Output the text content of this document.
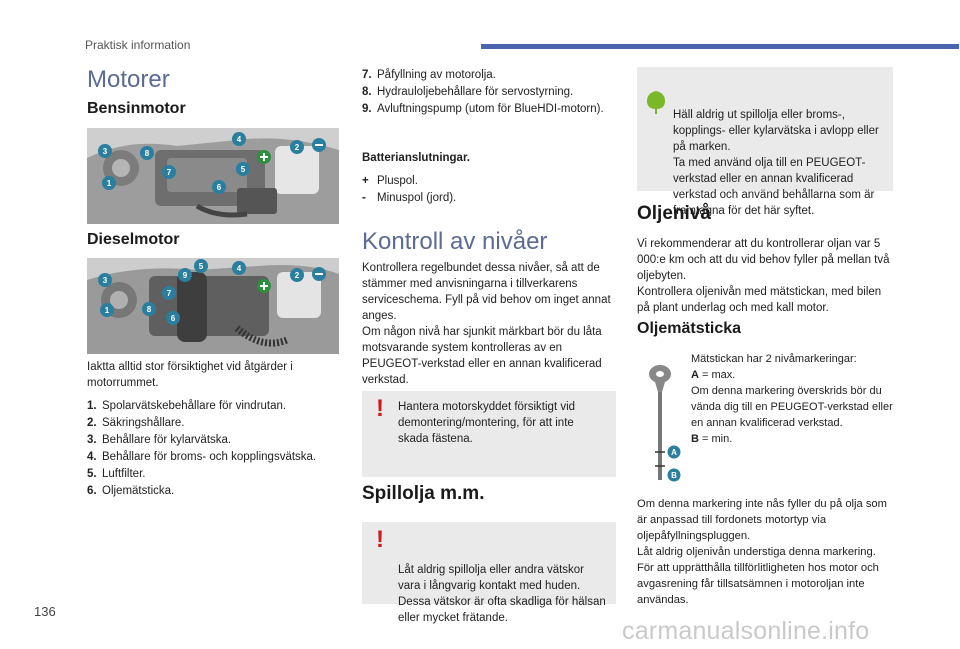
Praktisk information
Motorer
Bensinmotor
1
2
3
4
5
6
7
8
Dieselmotor
1
2
3
4
5
6
7
8
9
Iaktta alltid stor försiktighet vid åtgärder i motorrummet.
1. Spolarvätskebehållare för vindrutan.
2. Säkringshållare.
3. Behållare för kylarvätska.
4. Behållare för broms- och kopplingsvätska.
5. Luftfilter.
6. Oljemätsticka.
7. Påfyllning av motorolja.
8. Hydrauloljebehållare för servostyrning.
9. Avluftningspump (utom för BlueHDI-motorn).
Batterianslutningar.
+ Pluspol.
- Minuspol (jord).
Kontroll av nivåer
Kontrollera regelbundet dessa nivåer, så att de stämmer med anvisningarna i tillverkarens serviceschema. Fyll på vid behov om inget annat anges.
Om någon nivå har sjunkit märkbart bör du låta motsvarande system kontrolleras av en PEUGEOT-verkstad eller en annan kvalificerad verkstad.
! Hantera motorskyddet försiktigt vid demontering/montering, för att inte skada fästena.
Spillolja m.m.

!

Låt aldrig spillolja eller andra vätskor vara i långvarig kontakt med huden.
Dessa vätskor är ofta skadliga för hälsan eller mycket frätande.

Häll aldrig ut spillolja eller broms-, kopplings- eller kylarvätska i avlopp eller på marken.
Ta med använd olja till en PEUGEOT-verkstad eller en annan kvalificerad verkstad och använd behållarna som är framtagna för det här syftet.

Oljenivå
Vi rekommenderar att du kontrollerar oljan var 5 000:e km och att du vid behov fyller på mellan två oljebyten.
Kontrollera oljenivån med mätstickan, med bilen på plant underlag och med kall motor.
Oljemätsticka
A
B
Mätstickan har 2 nivåmarkeringar:
A = max.
Om denna markering överskrids bör du vända dig till en PEUGEOT-verkstad eller en annan kvalificerad verkstad.
B = min.
Om denna markering inte nås fyller du på olja som är anpassad till fordonets motortyp via oljepåfyllningspluggen.
Låt aldrig oljenivån understiga denna markering. För att upprätthålla tillförlitligheten hos motor och avgasrening får tillsatsämnen i motoroljan inte användas.
136
carmanualsonline.info
